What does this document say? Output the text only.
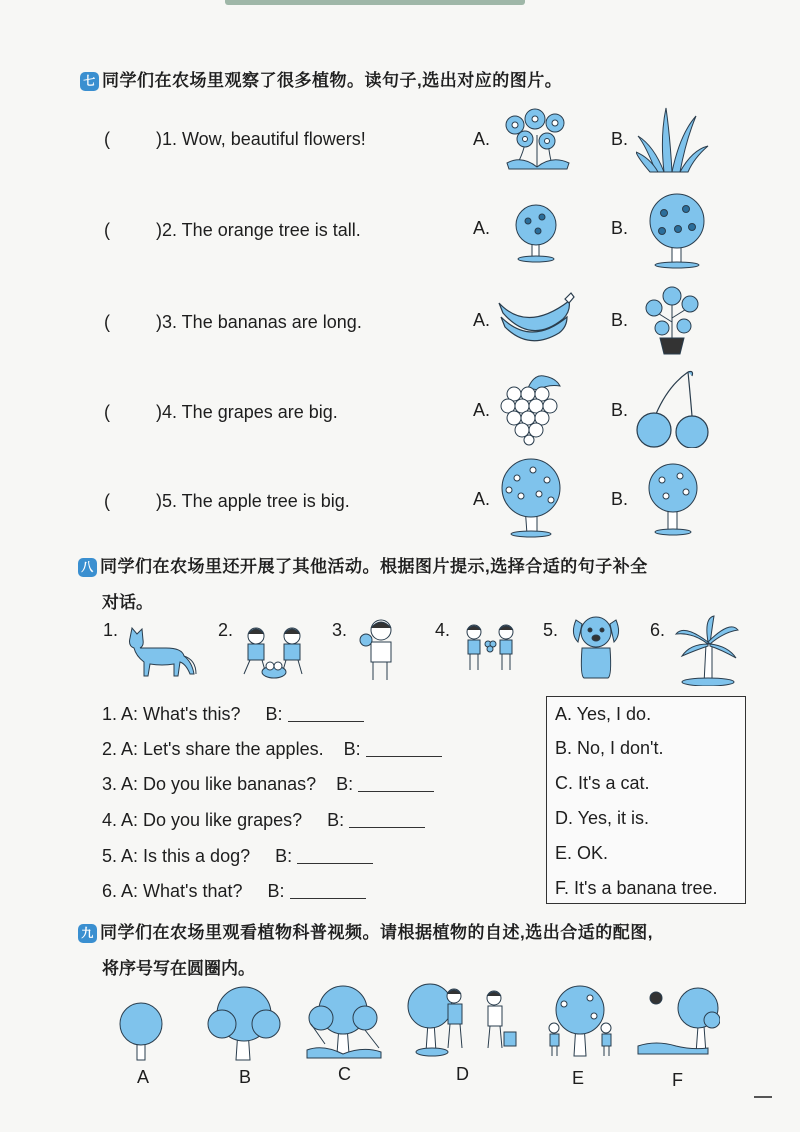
七 同学们在农场里观察了很多植物。读句子,选出对应的图片。
(	)1. Wow, beautiful flowers!	A.	B.
(	)2. The orange tree is tall.	A.	B.
(	)3. The bananas are long.	A.	B.
(	)4. The grapes are big.	A.	B.
(	)5. The apple tree is big.	A.	B.
八 同学们在农场里还开展了其他活动。根据图片提示,选择合适的句子补全
对话。
1.	2.	3.	4.	5.	6.
1. A: What's this? B:
2. A: Let's share the apples. B:
3. A: Do you like bananas? B:
4. A: Do you like grapes? B:
5. A: Is this a dog? B:
6. A: What's that? B:
A. Yes, I do.
B. No, I don't.
C. It's a cat.
D. Yes, it is.
E. OK.
F. It's a banana tree.
九 同学们在农场里观看植物科普视频。请根据植物的自述,选出合适的配图,
将序号写在圆圈内。
A	B	C	D	E	F
